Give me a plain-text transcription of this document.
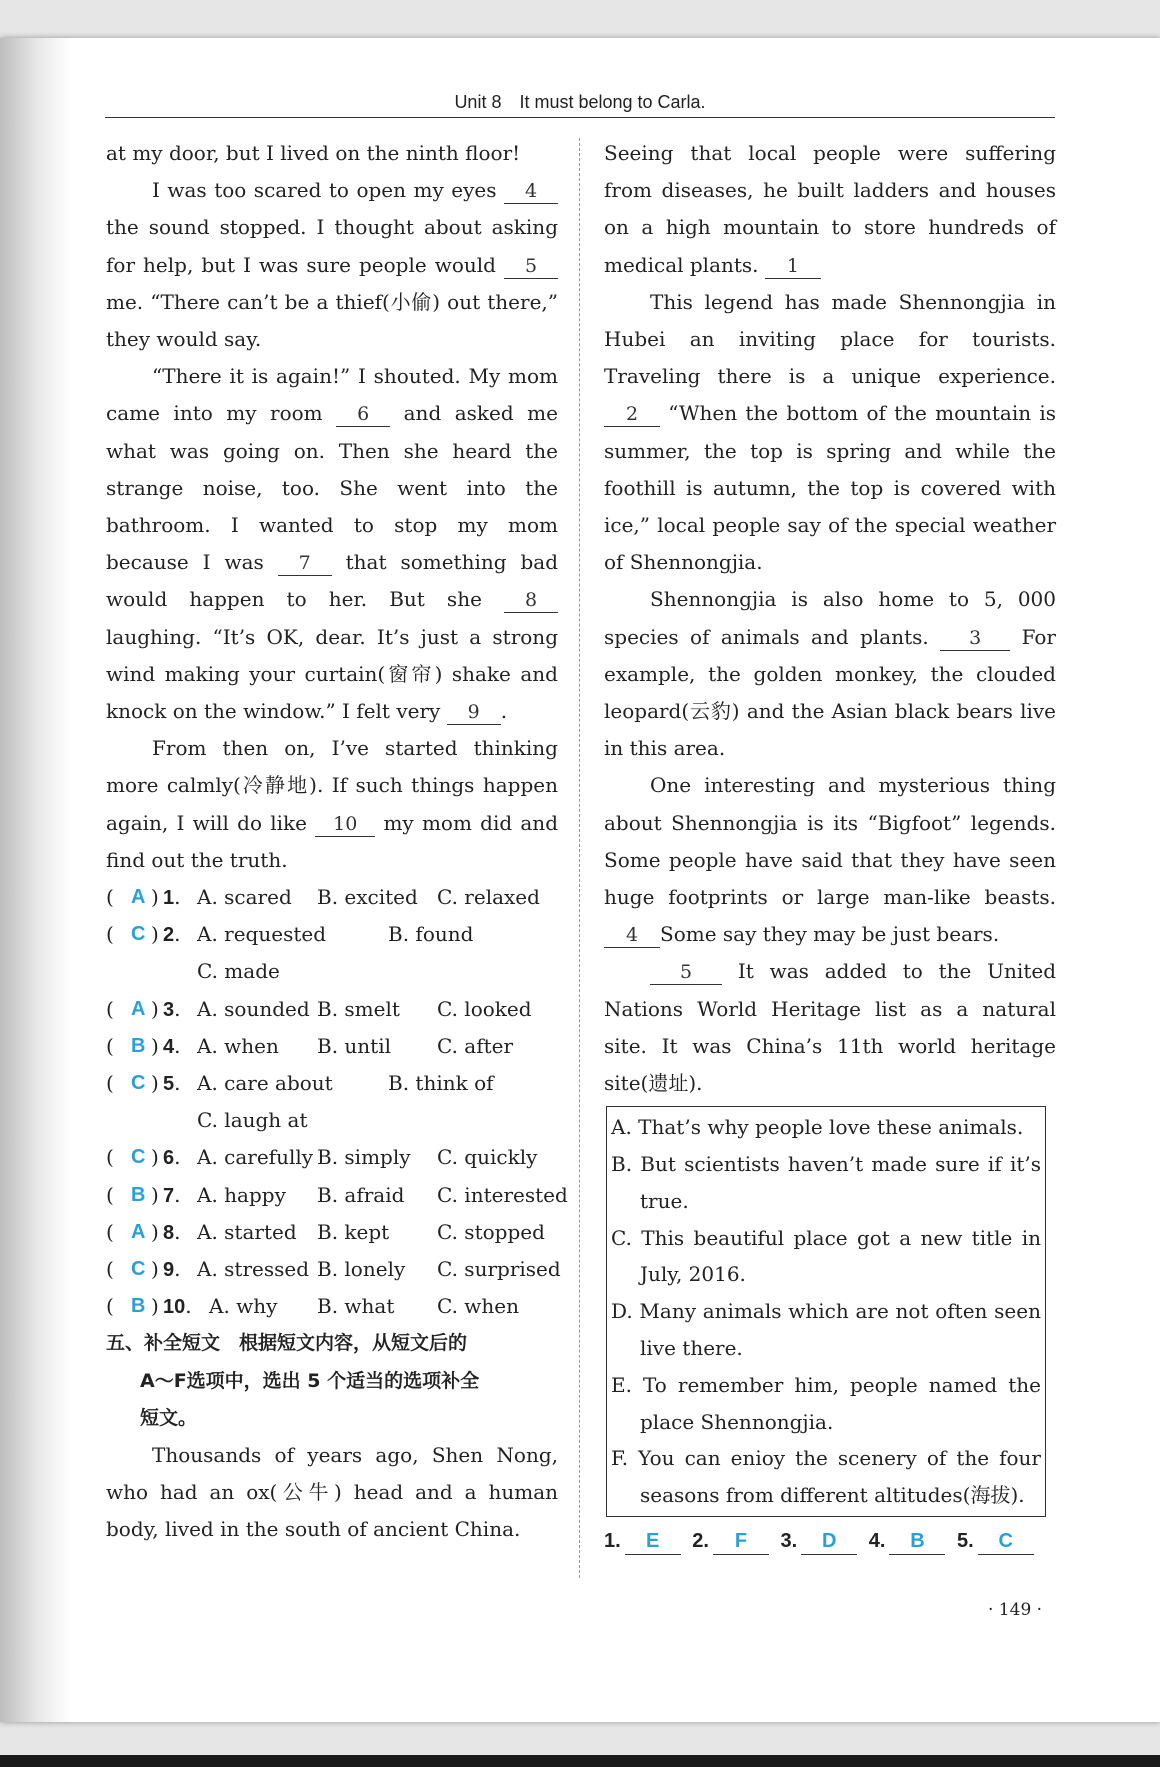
Unit 8 It must belong to Carla.

at my door, but I lived on the ninth floor!

I was too scared to open my eyes 4 the sound stopped. I thought about asking for help, but I was sure people would 5 me. “There can’t be a thief(小偷) out there,” they would say.

“There it is again!” I shouted. My mom came into my room 6 and asked me what was going on. Then she heard the strange noise, too. She went into the bathroom. I wanted to stop my mom because I was 7 that something bad would happen to her. But she 8 laughing. “It’s OK, dear. It’s just a strong wind making your curtain(窗帘) shake and knock on the window.” I felt very 9 .

From then on, I’ve started thinking more calmly(冷静地). If such things happen again, I will do like 10 my mom did and find out the truth.

( A ) 1. A. scared B. excited C. relaxed
( C ) 2. A. requested	B. found
C. made
( A ) 3. A. sounded B. smelt C. looked
( B ) 4. A. when B. until C. after
( C ) 5. A. care about	B. think of
C. laugh at
( C ) 6. A. carefully B. simply C. quickly
( B ) 7. A. happy B. afraid C. interested
( A ) 8. A. started B. kept C. stopped
( C ) 9. A. stressed B. lonely C. surprised
( B ) 10. A. why B. what C. when

五、补全短文 根据短文内容，从短文后的
A～F选项中，选出 5 个适当的选项补全
短文。

Thousands of years ago, Shen Nong, who had an ox(公牛) head and a human body, lived in the south of ancient China.

Seeing that local people were suffering from diseases, he built ladders and houses on a high mountain to store hundreds of medical plants. 1

This legend has made Shennongjia in Hubei an inviting place for tourists. Traveling there is a unique experience. 2 “When the bottom of the mountain is summer, the top is spring and while the foothill is autumn, the top is covered with ice,” local people say of the special weather of Shennongjia.

Shennongjia is also home to 5, 000 species of animals and plants. 3 For example, the golden monkey, the clouded leopard(云豹) and the Asian black bears live in this area.

One interesting and mysterious thing about Shennongjia is its “Bigfoot” legends. Some people have said that they have seen huge footprints or large man-like beasts. 4 Some say they may be just bears.

5 It was added to the United Nations World Heritage list as a natural site. It was China’s 11th world heritage site(遗址).

A. That’s why people love these animals.

B. But scientists haven’t made sure if it’s true.

C. This beautiful place got a new title in July, 2016.

D. Many animals which are not often seen live there.

E. To remember him, people named the place Shennongjia.

F. You can enioy the scenery of the four seasons from different altitudes(海拔).

1. E 2. F 3. D 4. B 5. C
· 149 ·
